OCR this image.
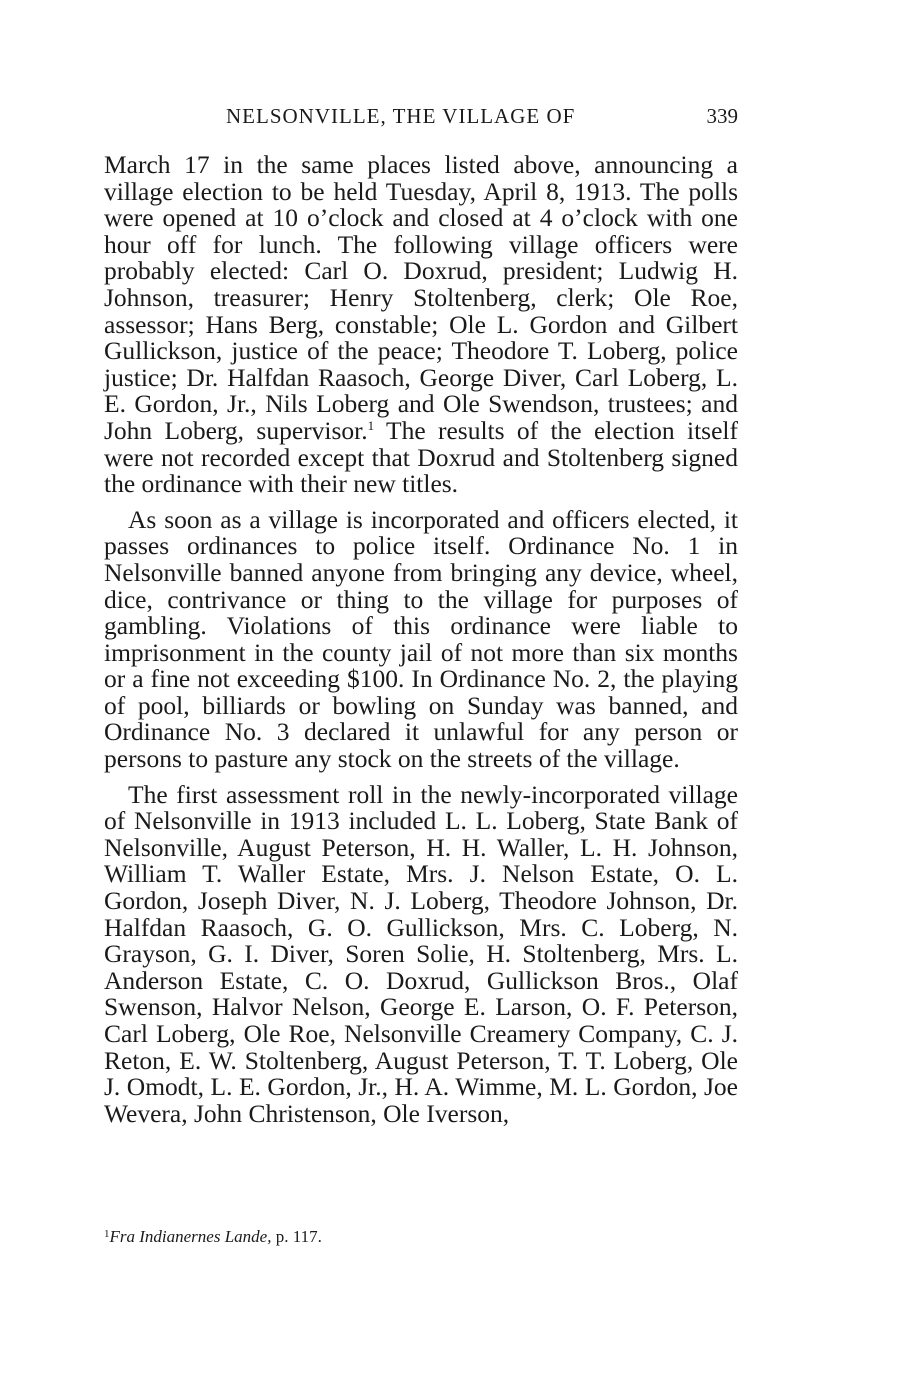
NELSONVILLE, THE VILLAGE OF	339

March 17 in the same places listed above, announcing a village election to be held Tuesday, April 8, 1913. The polls were opened at 10 o’clock and closed at 4 o’clock with one hour off for lunch. The following village officers were probably elected: Carl O. Doxrud, president; Ludwig H. Johnson, treasurer; Henry Stoltenberg, clerk; Ole Roe, assessor; Hans Berg, constable; Ole L. Gordon and Gilbert Gullickson, justice of the peace; Theodore T. Loberg, police justice; Dr. Halfdan Raasoch, George Diver, Carl Loberg, L. E. Gordon, Jr., Nils Loberg and Ole Swendson, trustees; and John Loberg, supervisor.$^1$ The results of the election itself were not recorded except that Doxrud and Stoltenberg signed the ordinance with their new titles.

As soon as a village is incorporated and officers elected, it passes ordinances to police itself. Ordinance No. 1 in Nelsonville banned anyone from bringing any device, wheel, dice, contrivance or thing to the village for purposes of gambling. Violations of this ordinance were liable to imprisonment in the county jail of not more than six months or a fine not exceeding $100. In Ordinance No. 2, the playing of pool, billiards or bowling on Sunday was banned, and Ordinance No. 3 declared it unlawful for any person or persons to pasture any stock on the streets of the village.

The first assessment roll in the newly-incorporated village of Nelsonville in 1913 included L. L. Loberg, State Bank of Nelsonville, August Peterson, H. H. Waller, L. H. Johnson, William T. Waller Estate, Mrs. J. Nelson Estate, O. L. Gordon, Joseph Diver, N. J. Loberg, Theodore Johnson, Dr. Halfdan Raasoch, G. O. Gullickson, Mrs. C. Loberg, N. Grayson, G. I. Diver, Soren Solie, H. Stoltenberg, Mrs. L. Anderson Estate, C. O. Doxrud, Gullickson Bros., Olaf Swenson, Halvor Nelson, George E. Larson, O. F. Peterson, Carl Loberg, Ole Roe, Nelsonville Creamery Company, C. J. Reton, E. W. Stoltenberg, August Peterson, T. T. Loberg, Ole J. Omodt, L. E. Gordon, Jr., H. A. Wimme, M. L. Gordon, Joe Wevera, John Christenson, Ole Iverson,

$^1$Fra Indianernes Lande, p. 117.
